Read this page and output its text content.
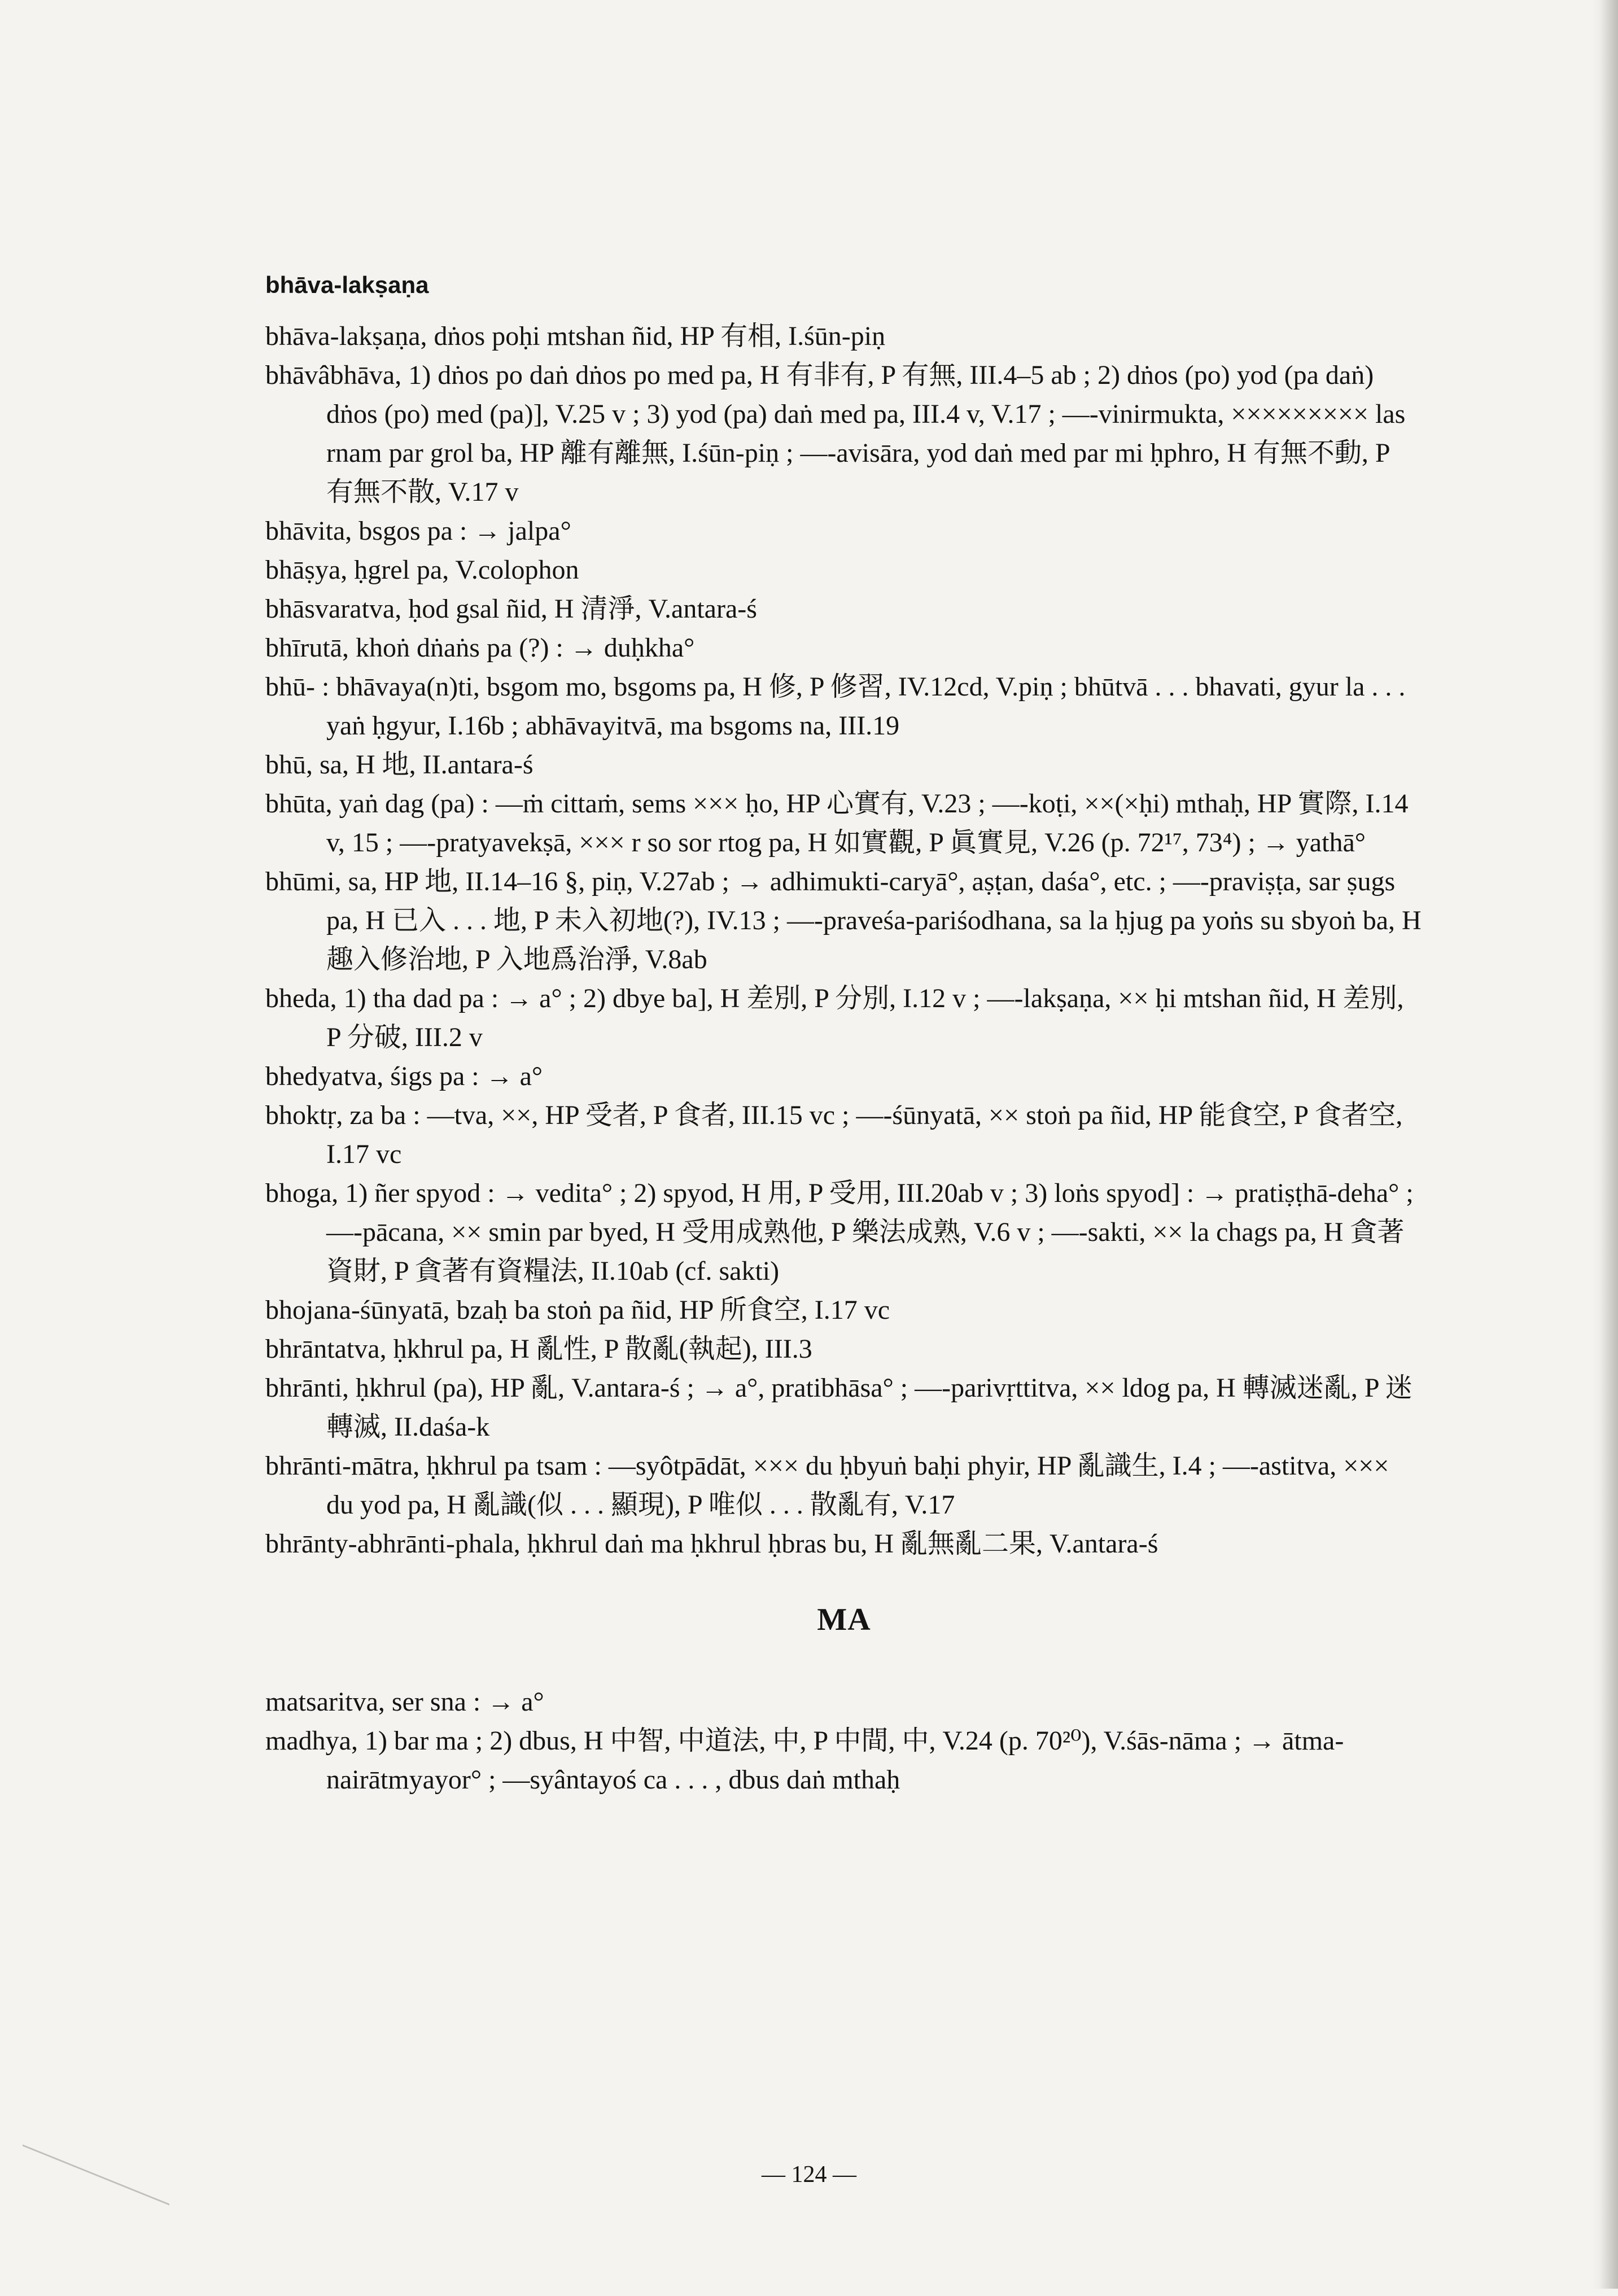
bhāva-lakṣaṇa

bhāva-lakṣaṇa, dṅos poḥi mtshan ñid, HP 有相, I.śūn-piṇ

bhāvâbhāva, 1) dṅos po daṅ dṅos po med pa, H 有非有, P 有無, III.4–5 ab ; 2) dṅos (po) yod (pa daṅ) dṅos (po) med (pa)], V.25 v ; 3) yod (pa) daṅ med pa, III.4 v, V.17 ; —-vinirmukta, ××××××××× las rnam par grol ba, HP 離有離無, I.śūn-piṇ ; —-avisāra, yod daṅ med par mi ḥphro, H 有無不動, P 有無不散, V.17 v

bhāvita, bsgos pa : → jalpa°

bhāṣya, ḥgrel pa, V.colophon

bhāsvaratva, ḥod gsal ñid, H 清淨, V.antara-ś

bhīrutā, khoṅ dṅaṅs pa (?) : → duḥkha°

bhū- : bhāvaya(n)ti, bsgom mo, bsgoms pa, H 修, P 修習, IV.12cd, V.piṇ ; bhūtvā . . . bhavati, gyur la . . . yaṅ ḥgyur, I.16b ; abhāvayitvā, ma bsgoms na, III.19

bhū, sa, H 地, II.antara-ś

bhūta, yaṅ dag (pa) : —ṁ cittaṁ, sems ××× ḥo, HP 心實有, V.23 ; —-koṭi, ××(×ḥi) mthaḥ, HP 實際, I.14 v, 15 ; —-pratyavekṣā, ××× r so sor rtog pa, H 如實觀, P 眞實見, V.26 (p. 72¹⁷, 73⁴) ; → yathā°

bhūmi, sa, HP 地, II.14–16 §, piṇ, V.27ab ; → adhimukti-caryā°, aṣṭan, daśa°, etc. ; —-praviṣṭa, sar ṣugs pa, H 已入 . . . 地, P 未入初地(?), IV.13 ; —-praveśa-pariśodhana, sa la ḥjug pa yoṅs su sbyoṅ ba, H 趣入修治地, P 入地爲治淨, V.8ab

bheda, 1) tha dad pa : → a° ; 2) dbye ba], H 差別, P 分別, I.12 v ; —-lakṣaṇa, ×× ḥi mtshan ñid, H 差別, P 分破, III.2 v

bhedyatva, śigs pa : → a°

bhoktṛ, za ba : —tva, ××, HP 受者, P 食者, III.15 vc ; —-śūnyatā, ×× stoṅ pa ñid, HP 能食空, P 食者空, I.17 vc

bhoga, 1) ñer spyod : → vedita° ; 2) spyod, H 用, P 受用, III.20ab v ; 3) loṅs spyod] : → pratiṣṭhā-deha° ; —-pācana, ×× smin par byed, H 受用成熟他, P 樂法成熟, V.6 v ; —-sakti, ×× la chags pa, H 貪著資財, P 貪著有資糧法, II.10ab (cf. sakti)

bhojana-śūnyatā, bzaḥ ba stoṅ pa ñid, HP 所食空, I.17 vc

bhrāntatva, ḥkhrul pa, H 亂性, P 散亂(執起), III.3

bhrānti, ḥkhrul (pa), HP 亂, V.antara-ś ; → a°, pratibhāsa° ; —-parivṛttitva, ×× ldog pa, H 轉滅迷亂, P 迷轉滅, II.daśa-k

bhrānti-mātra, ḥkhrul pa tsam : —syôtpādāt, ××× du ḥbyuṅ baḥi phyir, HP 亂識生, I.4 ; —-astitva, ××× du yod pa, H 亂識(似 . . . 顯現), P 唯似 . . . 散亂有, V.17

bhrānty-abhrānti-phala, ḥkhrul daṅ ma ḥkhrul ḥbras bu, H 亂無亂二果, V.antara-ś

MA

matsaritva, ser sna : → a°

madhya, 1) bar ma ; 2) dbus, H 中智, 中道法, 中, P 中間, 中, V.24 (p. 70²⁰), V.śās-nāma ; → ātma-nairātmyayor° ; —syântayoś ca . . . , dbus daṅ mthaḥ

— 124 —
